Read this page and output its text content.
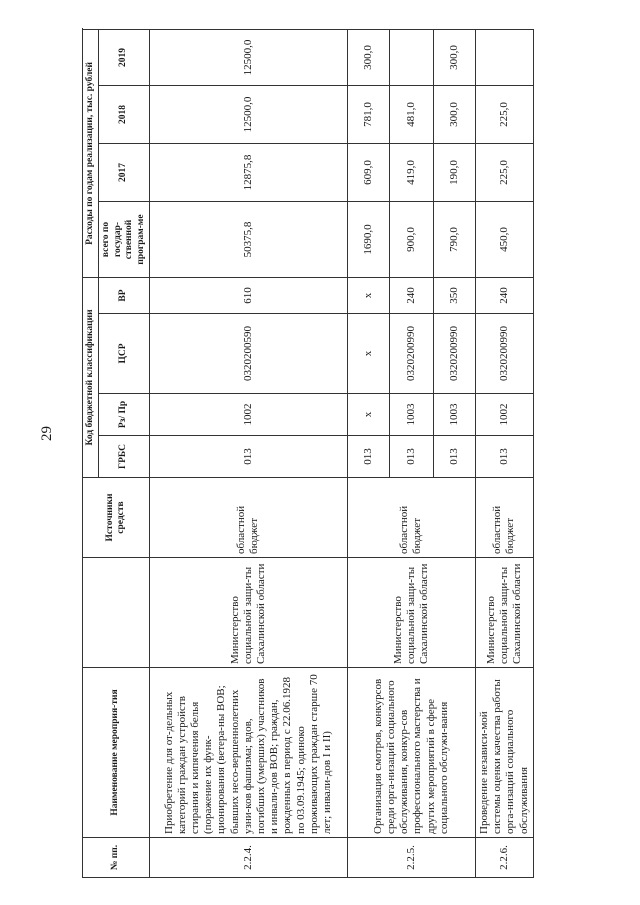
29
№ пп.	Наименование мероприя-тия		Источники средств	Код бюджетной классификации				Расходы по годам реализации, тыс. рублей				
				ГРБС	Рз/ Пр	ЦСР	ВР	всего по государ-ственной програм-ме	2017	2018	2019	
2.2.4.	Приобретение для от-дельных категорий граждан устройств стирания и кипячения белья (поражение их функ-ционирования (ветера-ны ВОВ; бывших несо-вершеннолетних узни-ков фашизма; вдов, погибших (умерших) участников и инвали-дов ВОВ; граждан, рожденных в период с 22.06.1928 по 03.09.1945; одиноко проживающих граждан старше 70 лет; инвали-дов I и II)	Министерство социальной защи-ты Сахалинской области	областной бюджет	013	1002	0320200590	610	50375,8	12875,8	12500,0	12500,0	
2.2.5.	Организация смотров, конкурсов среди орга-низаций социального обслуживания, конкур-сов профессионального мастерства и других мероприятий в сфере социального обслужи-вания	Министерство социальной защи-ты Сахалинской области	областной бюджет	013	х	х	х	1690,0	609,0	781,0	300,0	
				013	1003	0320200990	240	900,0	419,0	481,0		
				013	1003	0320200990	350	790,0	190,0	300,0	300,0	
2.2.6.	Проведение независи-мой системы оценки качества работы орга-низаций социального обслуживания	Министерство социальной защи-ты Сахалинской области	областной бюджет	013	1002	0320200990	240	450,0	225,0	225,0		
